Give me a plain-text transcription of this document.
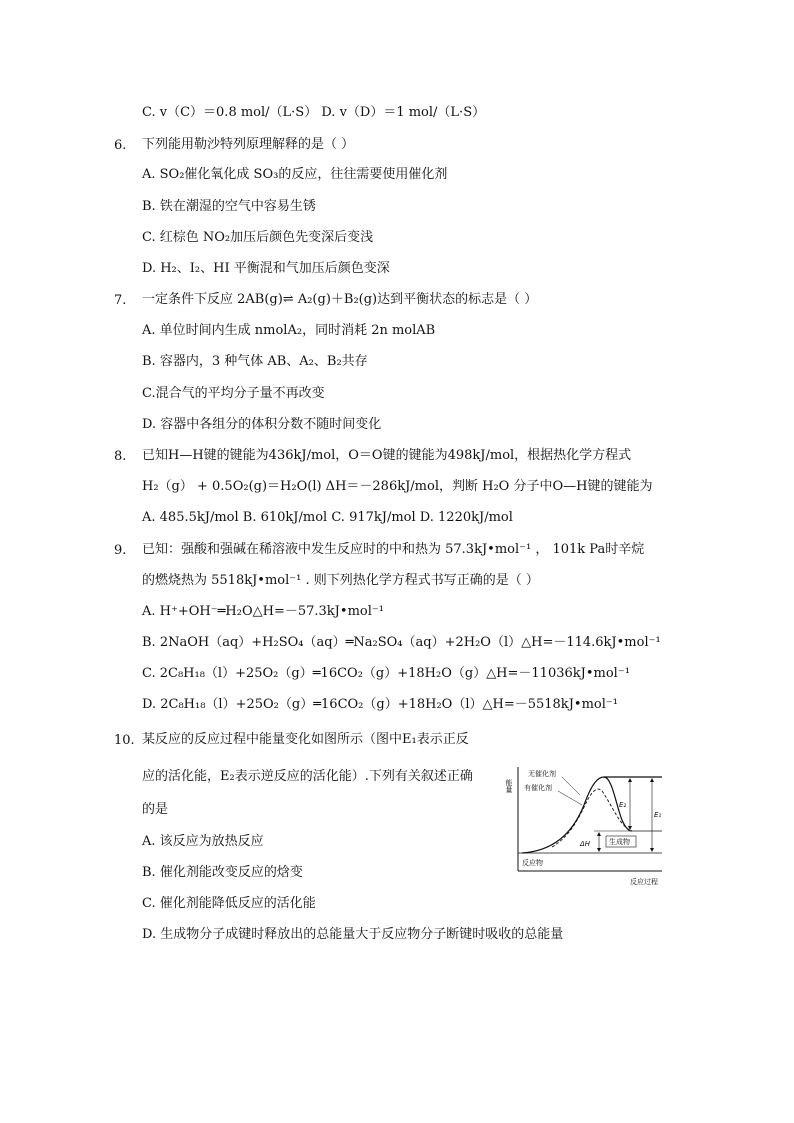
C. v（C）＝0.8 mol/（L·S） D. v（D）＝1 mol/（L·S）
6. 下列能用勒沙特列原理解释的是（ ）
A. SO₂催化氧化成 SO₃的反应，往往需要使用催化剂
B. 铁在潮湿的空气中容易生锈
C. 红棕色 NO₂加压后颜色先变深后变浅
D. H₂、I₂、HI 平衡混和气加压后颜色变深
7. 一定条件下反应 2AB(g)⇌ A₂(g)＋B₂(g)达到平衡状态的标志是（ ）
A. 单位时间内生成 nmolA₂，同时消耗 2n molAB
B. 容器内，3 种气体 AB、A₂、B₂共存
C.混合气的平均分子量不再改变
D. 容器中各组分的体积分数不随时间变化
8. 已知H—H键的键能为436kJ/mol，O＝O键的键能为498kJ/mol，根据热化学方程式
H₂（g） + 0.5O₂(g)＝H₂O(l) ΔH＝－286kJ/mol，判断 H₂O 分子中O—H键的键能为
A. 485.5kJ/mol B. 610kJ/mol C. 917kJ/mol D. 1220kJ/mol
9. 已知：强酸和强碱在稀溶液中发生反应时的中和热为 57.3kJ•mol⁻¹ ， 101k Pa时辛烷
的燃烧热为 5518kJ•mol⁻¹ . 则下列热化学方程式书写正确的是（ ）
A. H⁺+OH⁻═H₂O△H=－57.3kJ•mol⁻¹
B. 2NaOH（aq）+H₂SO₄（aq）═Na₂SO₄（aq）+2H₂O（l）△H=－114.6kJ•mol⁻¹
C. 2C₈H₁₈（l）+25O₂（g）═16CO₂（g）+18H₂O（g）△H=－11036kJ•mol⁻¹
D. 2C₈H₁₈（l）+25O₂（g）═16CO₂（g）+18H₂O（l）△H=－5518kJ•mol⁻¹
10. 某反应的反应过程中能量变化如图所示（图中E₁表示正反
应的活化能，E₂表示逆反应的活化能）.下列有关叙述正确
的是
A. 该反应为放热反应
B. 催化剂能改变反应的焓变
C. 催化剂能降低反应的活化能
D. 生成物分子成键时释放出的总能量大于反应物分子断键时吸收的总能量
能量
反应过程
反应物
生成物
无催化剂
有催化剂
E₂
E₁
ΔH
